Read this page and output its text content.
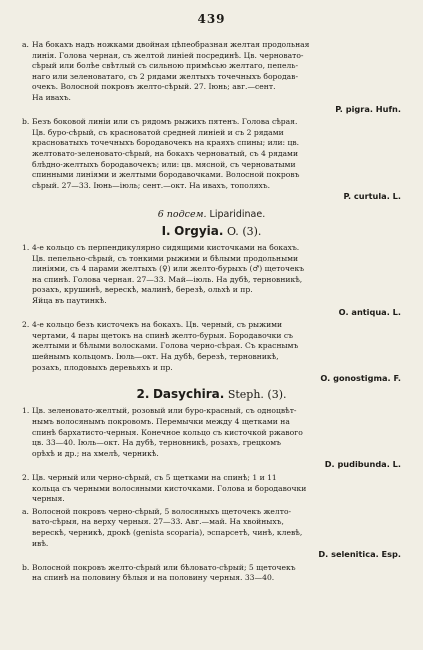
439
a. На бокахъ надъ ножками двойная цѣпеобразная желтая продольная
линія. Голова черная, съ желтой линіей посрединѣ. Цв. черновато-
сѣрый или болѣе свѣтлый съ сильною примѣсью желтаго, пепель-
наго или зеленоватаго, съ 2 рядами желтыхъ точечныхъ бородав-
очекъ. Волосной покровъ желто-сѣрый. 27. Іюнь; авг.—сент.
На ивахъ.
P. pigra. Hufn.
b. Безъ боковой линіи или съ рядомъ рыжихъ пятенъ. Голова сѣрая.
Цв. буро-сѣрый, съ красноватой средней линіей и съ 2 рядами
красноватыхъ точечныхъ бородавочекъ на краяхъ спины; или: цв.
желтовато-зеленовато-сѣрый, на бокахъ черноватый, съ 4 рядами
блѣдно-желтыхъ бородавочекъ; или: цв. мясной, съ черноватыми
спинными линіями и желтыми бородавочками. Волосной покровъ
сѣрый. 27—33. Іюнь—іюль; сент.—окт. На ивахъ, тополяхъ.
P. curtula. L.
6 подсем. Liparidinae.
I. Orgyia. O. (3).
1. 4-е кольцо съ перпендикулярно сидящими кисточками на бокахъ.
Цв. пепельно-сѣрый, съ тонкими рыжими и бѣлыми продольными
линіями, съ 4 парами желтыхъ (♀) или желто-бурыхъ (♂) щеточекъ
на спинѣ. Голова черная. 27—33. Май—іюль. На дубѣ, терновникѣ,
розахъ, крушинѣ, верескѣ, малинѣ, березѣ, ольхѣ и пр.
Яйца въ паутинкѣ.
O. antiqua. L.
2. 4-е кольцо безъ кисточекъ на бокахъ. Цв. черный, съ рыжими
чертами, 4 пары щетокъ на спинѣ желто-бурыя. Бородавочки съ
желтыми и бѣлыми волосками. Голова черно-сѣрая. Съ краснымъ
шейнымъ кольцомъ. Іюль—окт. На дубѣ, березѣ, терновникѣ,
розахъ, плодовыхъ деревьяхъ и пр.
O. gonostigma. F.
2. Dasychira. Steph. (3).
1. Цв. зеленовато-желтый, розовый или буро-красный, съ одноцвѣт-
нымъ волосянымъ покровомъ. Перемычки между 4 щетками на
спинѣ бархатисто-черныя. Конечное кольцо съ кисточкой ржавого
цв. 33—40. Іюль—окт. На дубѣ, терновникѣ, розахъ, грецкомъ
орѣхѣ и др.; на хмелѣ, черникѣ.
D. pudibunda. L.
2. Цв. черный или черно-сѣрый, съ 5 щетками на спинѣ; 1 и 11
кольца съ черными волосяными кисточками. Голова и бородавочки
черныя.
a. Волосной покровъ черно-сѣрый, 5 волосяныхъ щеточекъ желто-
вато-сѣрыя, на верху черныя. 27—33. Авг.—май. На хвойныхъ,
верескѣ, черникѣ, дрокѣ (genista scoparia), эспарсетѣ, чинѣ, клевѣ,
ивѣ.
D. selenitica. Esp.
b. Волосной покровъ желто-сѣрый или бѣловато-сѣрый; 5 щеточекъ
на спинѣ на половину бѣлыя и на половину черныя. 33—40.
